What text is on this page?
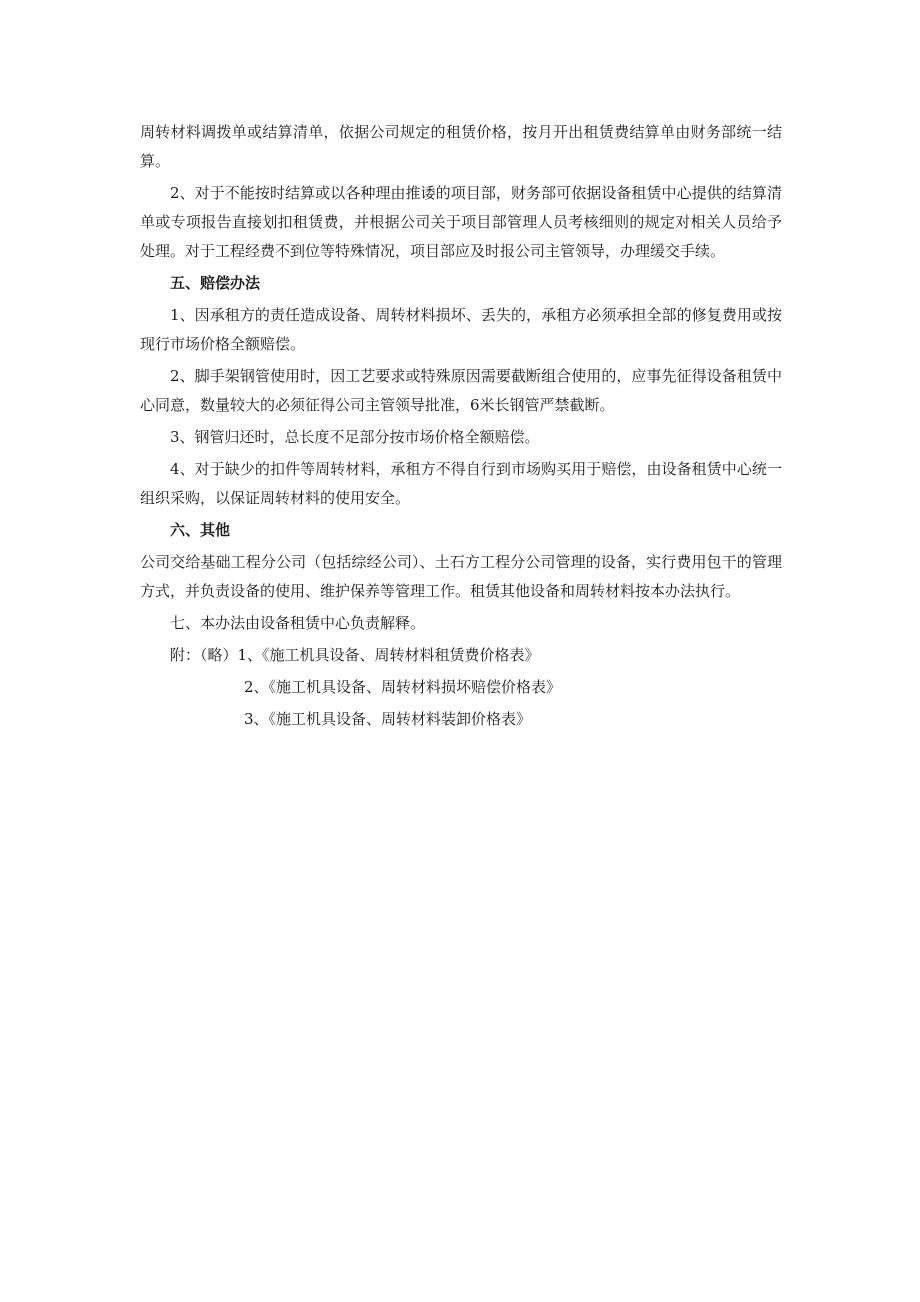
周转材料调拨单或结算清单，依据公司规定的租赁价格，按月开出租赁费结算单由财务部统一结算。

2、对于不能按时结算或以各种理由推诿的项目部，财务部可依据设备租赁中心提供的结算清单或专项报告直接划扣租赁费，并根据公司关于项目部管理人员考核细则的规定对相关人员给予处理。对于工程经费不到位等特殊情况，项目部应及时报公司主管领导，办理缓交手续。

五、赔偿办法

1、因承租方的责任造成设备、周转材料损坏、丢失的，承租方必须承担全部的修复费用或按现行市场价格全额赔偿。

2、脚手架钢管使用时，因工艺要求或特殊原因需要截断组合使用的，应事先征得设备租赁中心同意，数量较大的必须征得公司主管领导批准，6米长钢管严禁截断。

3、钢管归还时，总长度不足部分按市场价格全额赔偿。

4、对于缺少的扣件等周转材料，承租方不得自行到市场购买用于赔偿，由设备租赁中心统一组织采购，以保证周转材料的使用安全。

六、其他

公司交给基础工程分公司（包括综经公司）、土石方工程分公司管理的设备，实行费用包干的管理方式，并负责设备的使用、维护保养等管理工作。租赁其他设备和周转材料按本办法执行。

七、本办法由设备租赁中心负责解释。

附：（略）1、《施工机具设备、周转材料租赁费价格表》

2、《施工机具设备、周转材料损坏赔偿价格表》

3、《施工机具设备、周转材料装卸价格表》
